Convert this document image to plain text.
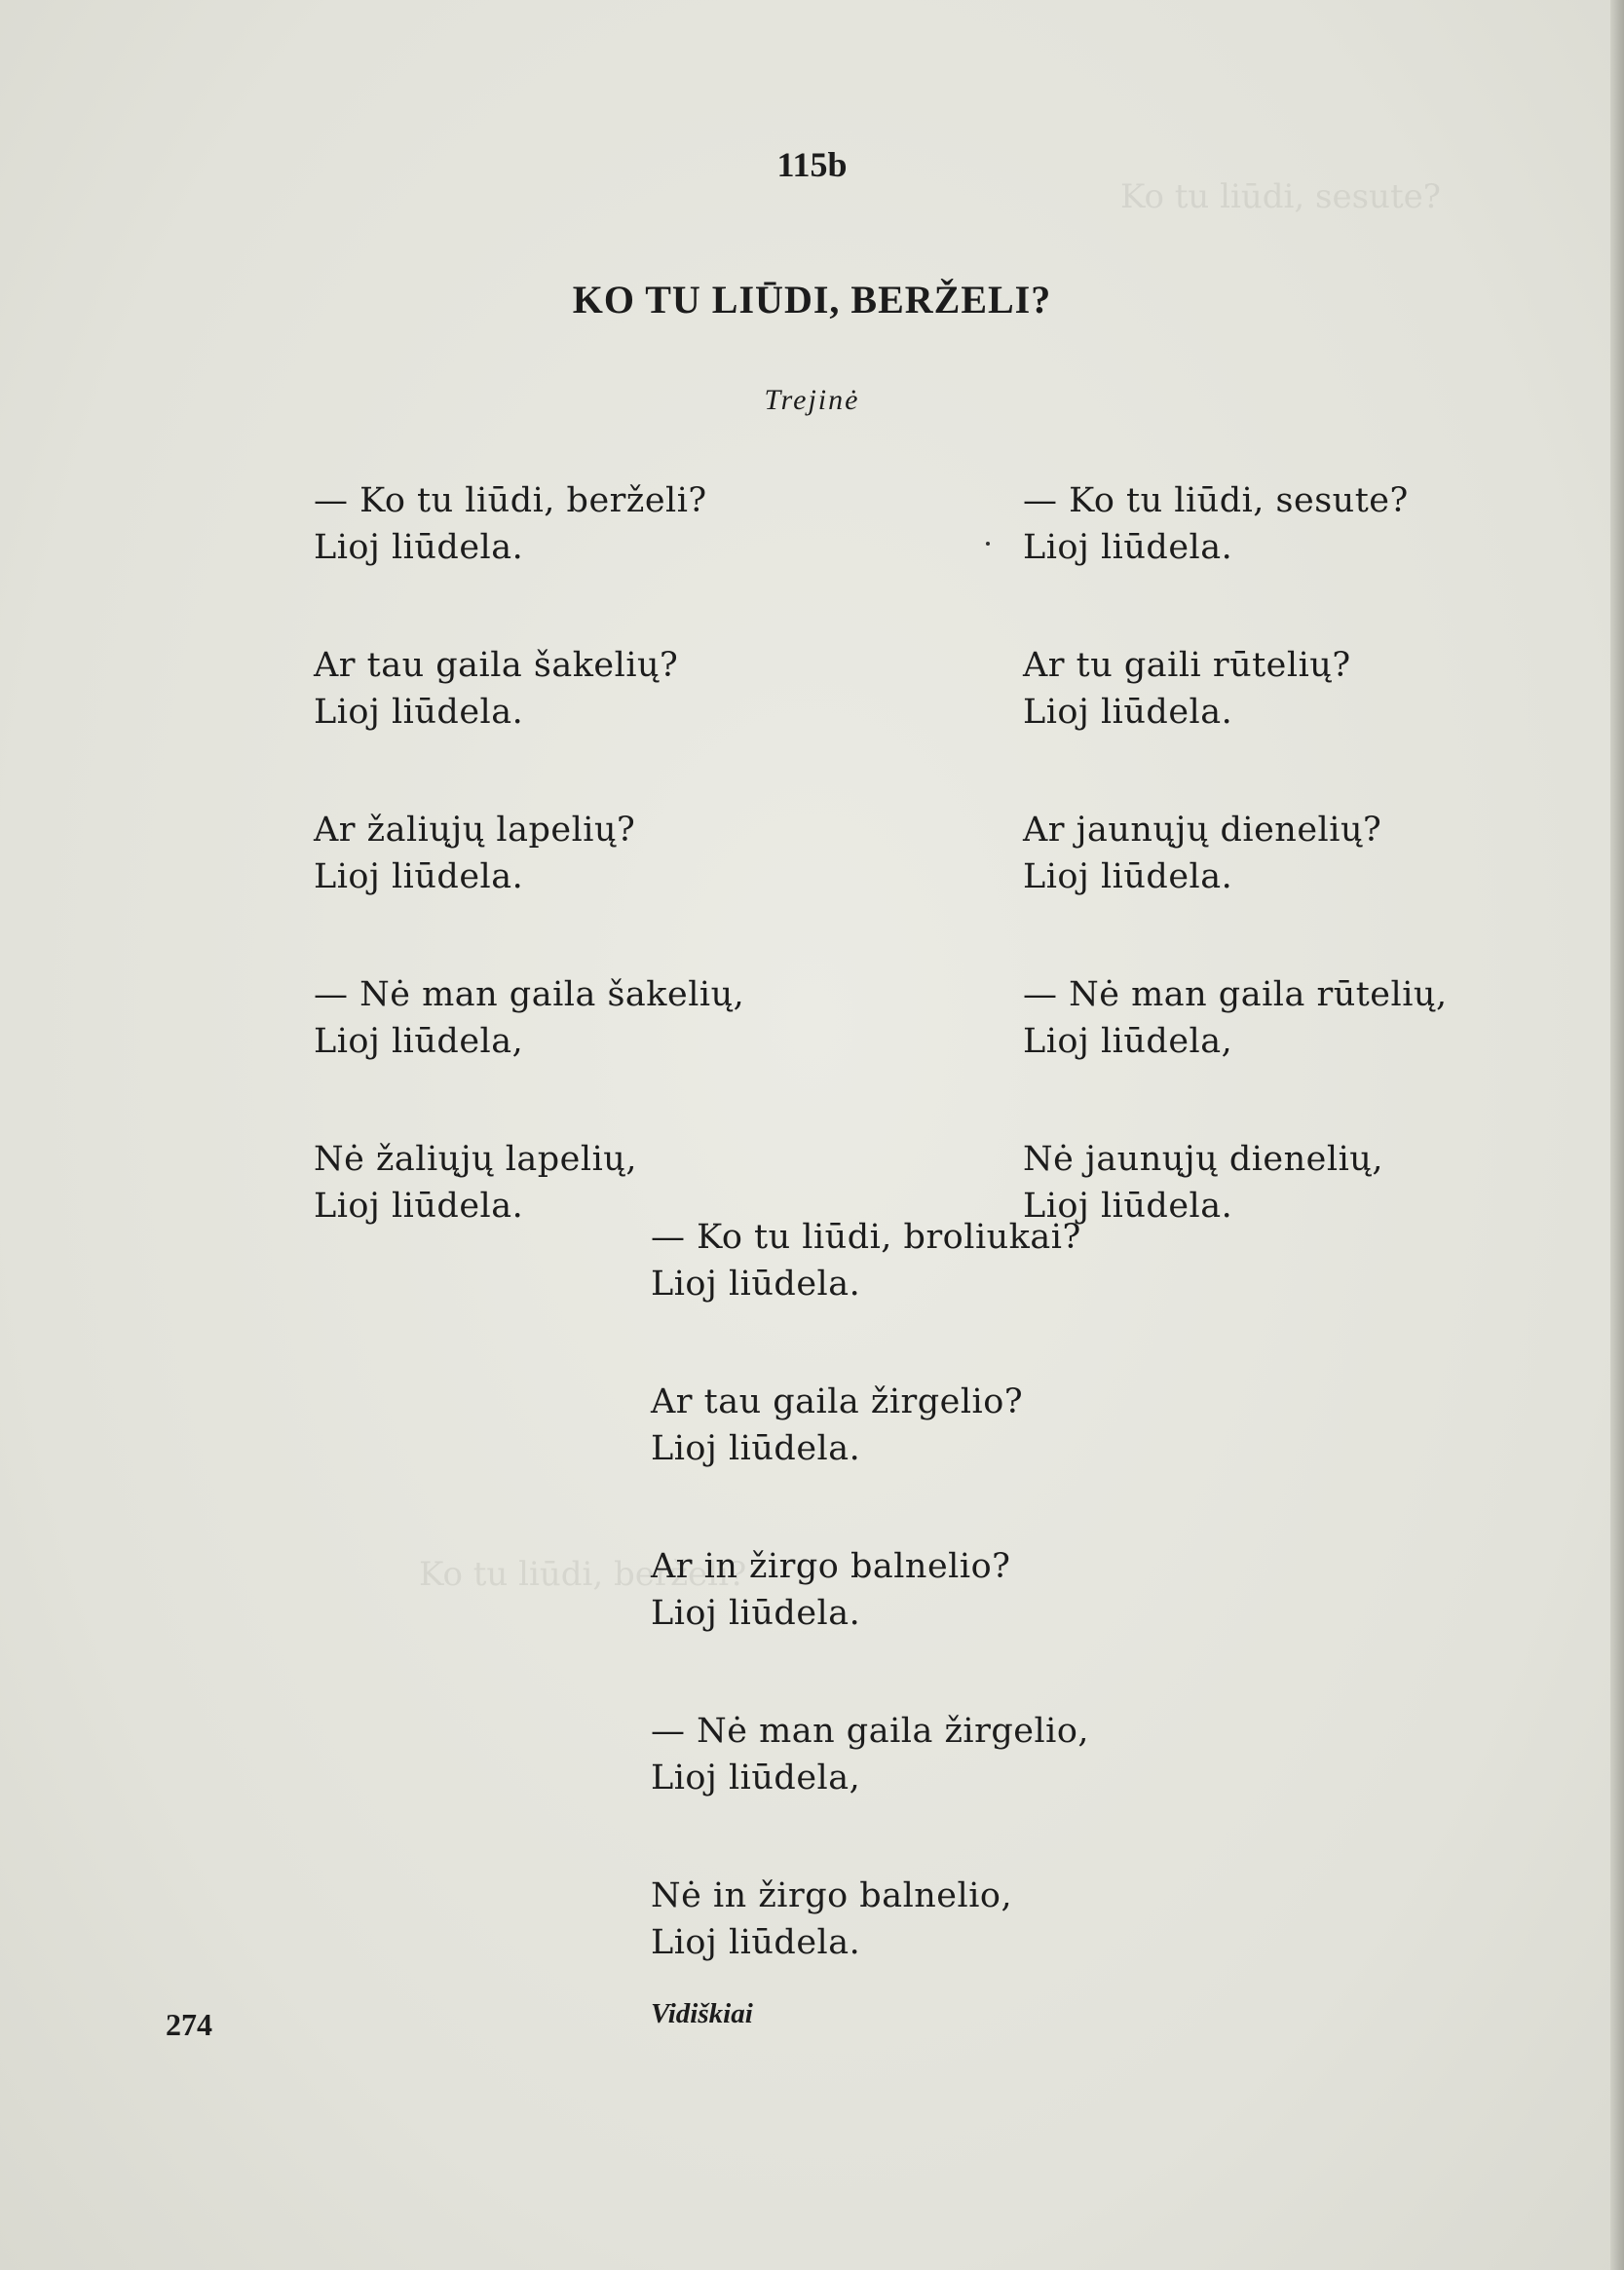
Ko tu liūdi, sesute?
Ko tu liūdi, berželi?
115b
KO TU LIŪDI, BERŽELI?
Trejinė
— Ko tu liūdi, berželi?
Lioj liūdela.
Ar tau gaila šakelių?
Lioj liūdela.
Ar žaliųjų lapelių?
Lioj liūdela.
— Nė man gaila šakelių,
Lioj liūdela,
Nė žaliųjų lapelių,
Lioj liūdela.
— Ko tu liūdi, sesute?
Lioj liūdela.
Ar tu gaili rūtelių?
Lioj liūdela.
Ar jaunųjų dienelių?
Lioj liūdela.
— Nė man gaila rūtelių,
Lioj liūdela,
Nė jaunųjų dienelių,
Lioj liūdela.
— Ko tu liūdi, broliukai?
Lioj liūdela.
Ar tau gaila žirgelio?
Lioj liūdela.
Ar in žirgo balnelio?
Lioj liūdela.
— Nė man gaila žirgelio,
Lioj liūdela,
Nė in žirgo balnelio,
Lioj liūdela.
Vidiškiai
274
